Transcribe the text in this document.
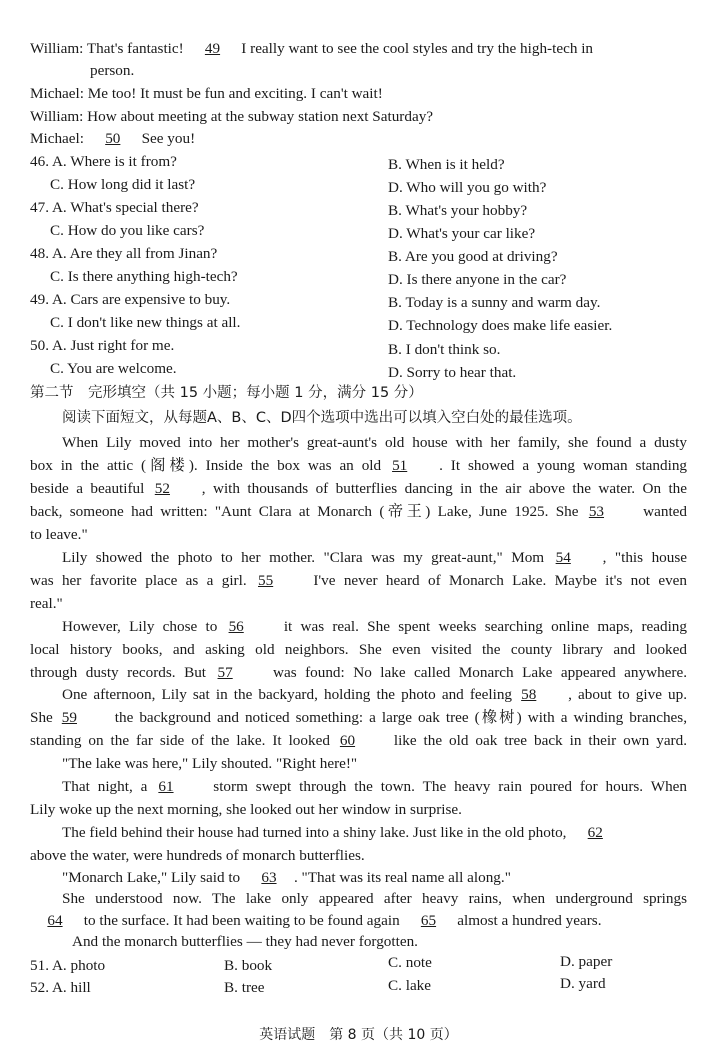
William: That's fantastic! 49 I really want to see the cool styles and try the high-tech in
person.
Michael: Me too! It must be fun and exciting. I can't wait!
William: How about meeting at the subway station next Saturday?
Michael: 50 See you!
46. A. Where is it from?	B. When is it held?
C. How long did it last?	D. Who will you go with?
47. A. What's special there?	B. What's your hobby?
C. How do you like cars?	D. What's your car like?
48. A. Are they all from Jinan?	B. Are you good at driving?
C. Is there anything high-tech?	D. Is there anyone in the car?
49. A. Cars are expensive to buy.	B. Today is a sunny and warm day.
C. I don't like new things at all.	D. Technology does make life easier.
50. A. Just right for me.	B. I don't think so.
C. You are welcome.	D. Sorry to hear that.
第二节　完形填空（共 15 小题；每小题 1 分，满分 15 分）
阅读下面短文，从每题A、B、C、D四个选项中选出可以填入空白处的最佳选项。
When Lily moved into her mother's great-aunt's old house with her family, she found a dusty
box in the attic (阁楼). Inside the box was an old 51 . It showed a young woman standing
beside a beautiful 52 , with thousands of butterflies dancing in the air above the water. On the
back, someone had written: "Aunt Clara at Monarch (帝王) Lake, June 1925. She 53	wanted
to leave."
Lily showed the photo to her mother. "Clara was my great-aunt," Mom 54 , "this house
was her favorite place as a girl. 55	I've never heard of Monarch Lake. Maybe it's not even
real."
However, Lily chose to 56	it was real. She spent weeks searching online maps, reading
local history books, and asking old neighbors. She even visited the county library and looked
through dusty records. But 57	was found: No lake called Monarch Lake appeared anywhere.
One afternoon, Lily sat in the backyard, holding the photo and feeling 58 , about to give up.
She 59 the background and noticed something: a large oak tree (橡树) with a winding branches,
standing on the far side of the lake. It looked 60	like the old oak tree back in their own yard.
"The lake was here," Lily shouted. "Right here!"
That night, a 61	storm swept through the town. The heavy rain poured for hours. When
Lily woke up the next morning, she looked out her window in surprise.
The field behind their house had turned into a shiny lake. Just like in the old photo, 62
above the water, were hundreds of monarch butterflies.
"Monarch Lake," Lily said to 63 . "That was its real name all along."
She understood now. The lake only appeared after heavy rains, when underground springs
64 to the surface. It had been waiting to be found again 65 almost a hundred years.
And the monarch butterflies — they had never forgotten.
51. A. photo	B. book	C. note	D. paper
52. A. hill	B. tree	C. lake	D. yard
英语试题　第 8 页（共 10 页）
